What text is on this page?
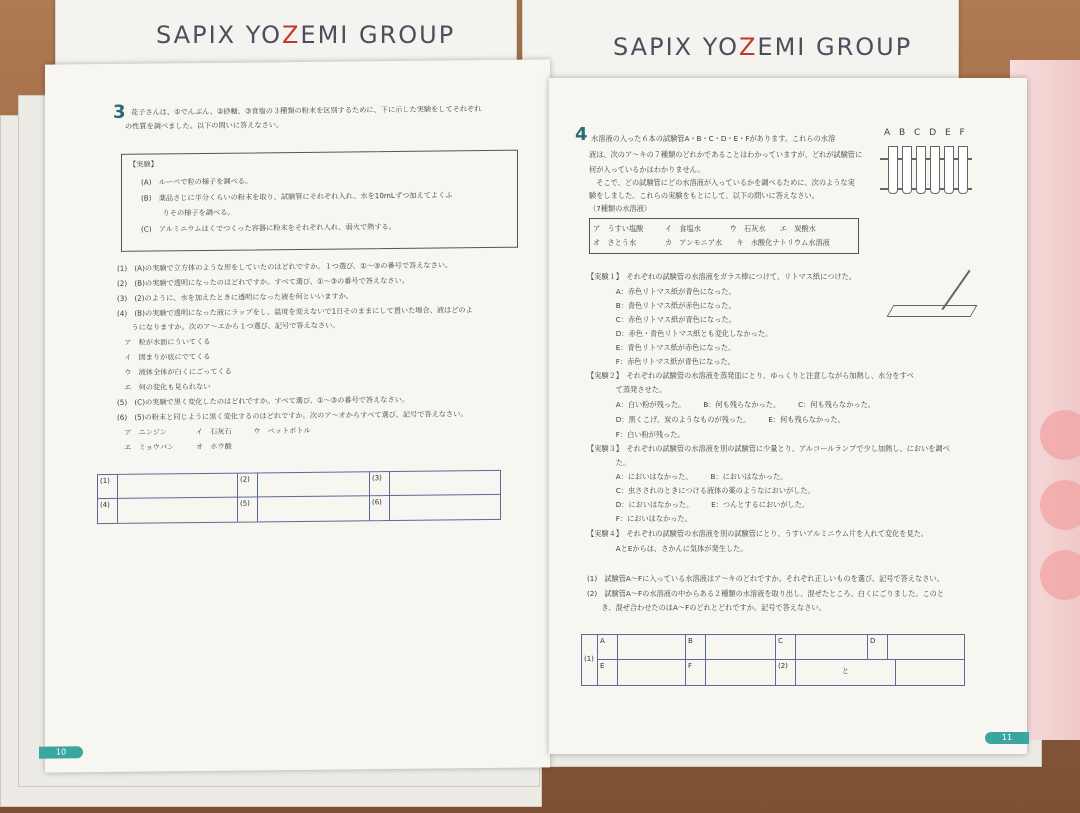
SAPIX YOZEMI GROUP	SAPIX YOZEMI GROUP
3 花子さんは、①でんぷん、②砂糖、③食塩の３種類の粉末を区別するために、下に示した実験をしてそれぞれ
の性質を調べました。以下の問いに答えなさい。
【実験】
(A)　ルーペで粒の様子を調べる。
(B)　薬品さじに半分くらいの粉末を取り、試験管にそれぞれ入れ、水を10mLずつ加えてよくふ
　　　りその様子を調べる。
(C)　アルミニウムはくでつくった容器に粉末をそれぞれ入れ、弱火で熱する。
(1)　(A)の実験で立方体のような形をしていたのはどれですか。１つ選び、①〜③の番号で答えなさい。
(2)　(B)の実験で透明になったのはどれですか。すべて選び、①〜③の番号で答えなさい。
(3)　(2)のように、水を加えたときに透明になった液を何といいますか。
(4)　(B)の実験で透明になった液にラップをし、温度を変えないで1日そのままにして置いた場合、液はどのよ
　　うになりますか。次のア〜エから１つ選び、記号で答えなさい。
　ア　粒が水面にういてくる
　イ　固まりが底にでてくる
　ウ　液体全体が白くにごってくる
　エ　何の変化も見られない
(5)　(C)の実験で黒く変化したのはどれですか。すべて選び、①〜③の番号で答えなさい。
(6)　(5)の粉末と同じように黒く変化するのはどれですか。次のア〜オからすべて選び、記号で答えなさい。
　ア　ニンジン　　　　イ　石灰石　　　ウ　ペットボトル
　エ　ミョウバン　　　オ　ホウ酸
(1)	(2)	(3)
(4)	(5)	(6)
10
4 水溶液の入った６本の試験管A・B・C・D・E・Fがあります。これらの水溶
液は、次のア〜キの７種類のどれかであることはわかっていますが、どれが試験管に
何が入っているかはわかりません。
　そこで、どの試験管にどの水溶液が入っているかを調べるために、次のような実
験をしました。これらの実験をもとにして、以下の問いに答えなさい。
（7種類の水溶液）
ア　うすい塩酸　　　イ　食塩水　　　　ウ　石灰水　　エ　炭酸水
オ　さとう水　　　　カ　アンモニア水　　キ　水酸化ナトリウム水溶液
【実験１】　それぞれの試験管の水溶液をガラス棒につけて、リトマス紙につけた。
　　　　A：赤色リトマス紙が青色になった。
　　　　B：青色リトマス紙が赤色になった。
　　　　C：赤色リトマス紙が青色になった。
　　　　D：赤色・青色リトマス紙とも変化しなかった。
　　　　E：青色リトマス紙が赤色になった。
　　　　F：赤色リトマス紙が青色になった。
【実験２】　それぞれの試験管の水溶液を蒸発皿にとり、ゆっくりと注意しながら加熱し、水分をすべ
　　　　て蒸発させた。
　　　　A：白い粉が残った。　　　B：何も残らなかった。　　　C：何も残らなかった。
　　　　D：黒くこげ、炭のようなものが残った。　　　E：何も残らなかった。
　　　　F：白い粉が残った。
【実験３】　それぞれの試験管の水溶液を別の試験管に少量とり、アルコールランプで少し加熱し、においを調べ
　　　　た。
　　　　A：においはなかった。　　　B：においはなかった。
　　　　C：虫さされのときにつける液体の薬のようなにおいがした。
　　　　D：においはなかった。　　　E：つんとするにおいがした。
　　　　F：においはなかった。
【実験４】　それぞれの試験管の水溶液を別の試験管にとり、うすいアルミニウム片を入れて変化を見た。
　　　　AとEからは、さかんに気体が発生した。
(1)　試験管A〜Fに入っている水溶液はア〜キのどれですか。それぞれ正しいものを選び、記号で答えなさい。
(2)　試験管A〜Fの水溶液の中からある２種類の水溶液を取り出し、混ぜたところ、白くにごりました。このと
　　き、混ぜ合わせたのはA〜Fのどれとどれですか。記号で答えなさい。
(1)
A	B	C	D
E	F	(2)
と
11
A B C D E F
